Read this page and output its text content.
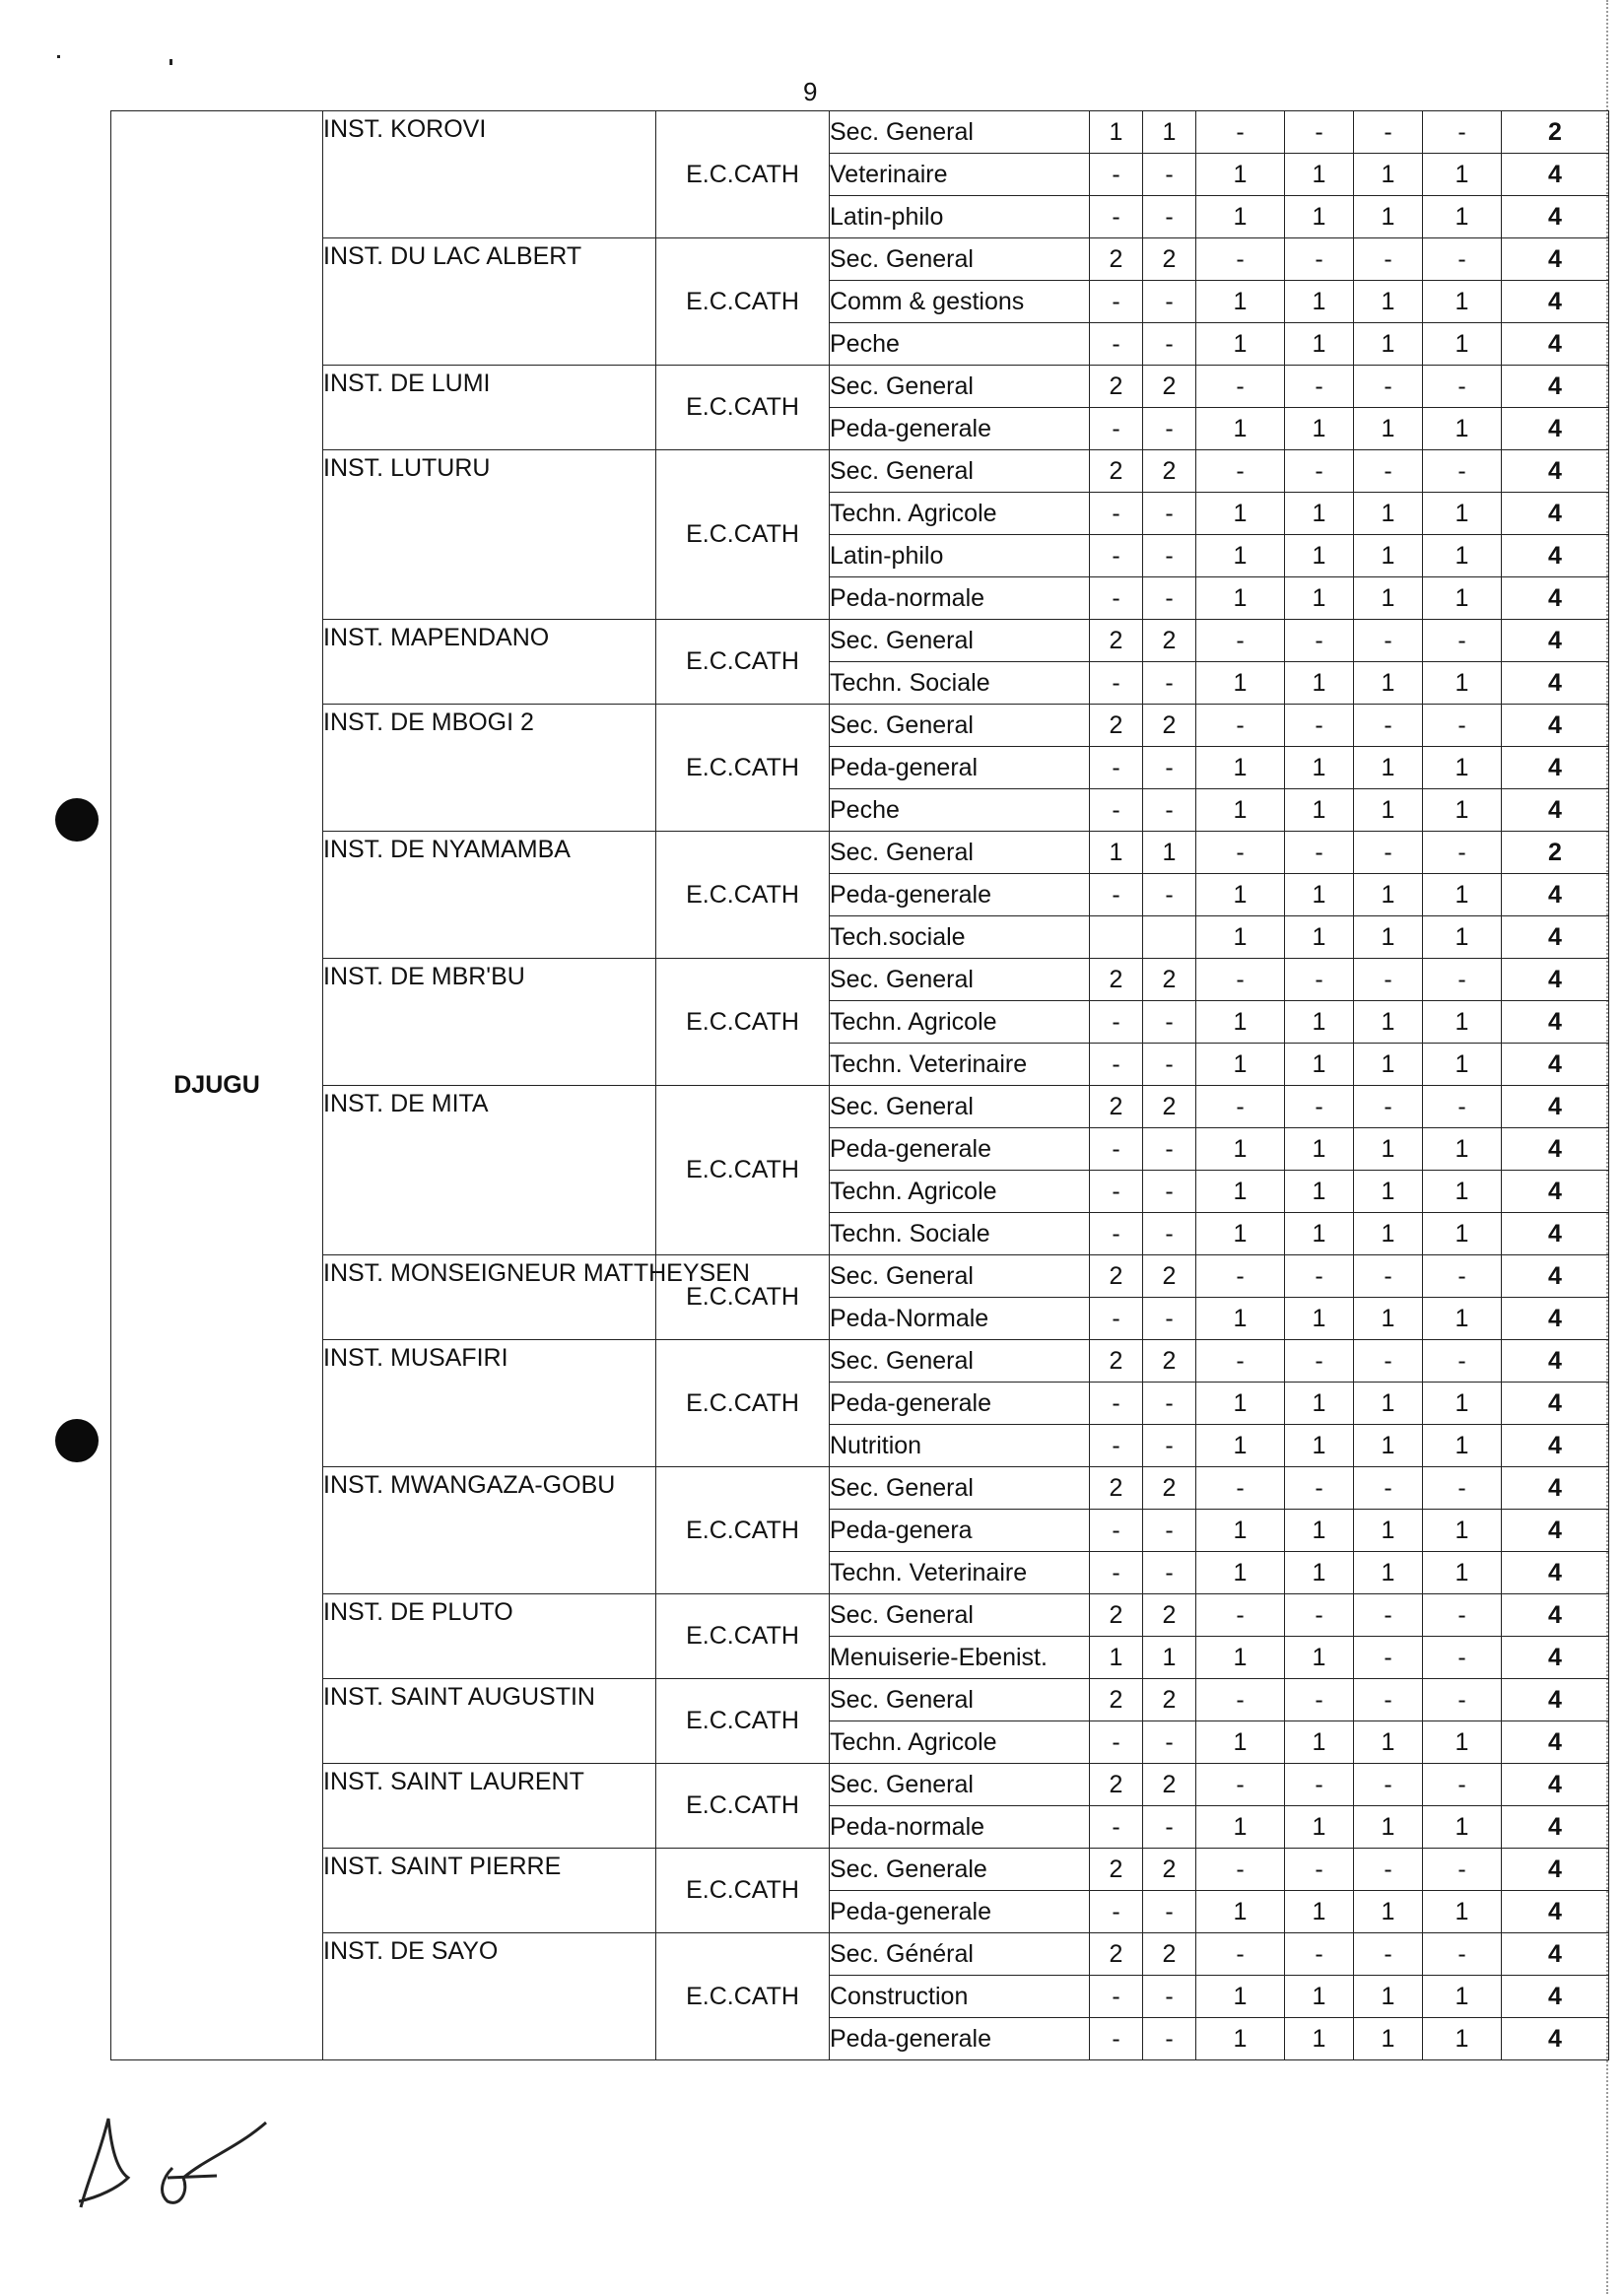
9
DJUGU	INST. KOROVI	E.C.CATH	Sec. General	1	1	-	-	-	-	2
			Veterinaire	-	-	1	1	1	1	4
			Latin-philo	-	-	1	1	1	1	4
	INST. DU LAC ALBERT	E.C.CATH	Sec. General	2	2	-	-	-	-	4
			Comm & gestions	-	-	1	1	1	1	4
			Peche	-	-	1	1	1	1	4
	INST. DE LUMI	E.C.CATH	Sec. General	2	2	-	-	-	-	4
			Peda-generale	-	-	1	1	1	1	4
	INST. LUTURU	E.C.CATH	Sec. General	2	2	-	-	-	-	4
			Techn. Agricole	-	-	1	1	1	1	4
			Latin-philo	-	-	1	1	1	1	4
			Peda-normale	-	-	1	1	1	1	4
	INST. MAPENDANO	E.C.CATH	Sec. General	2	2	-	-	-	-	4
			Techn. Sociale	-	-	1	1	1	1	4
	INST. DE MBOGI 2	E.C.CATH	Sec. General	2	2	-	-	-	-	4
			Peda-general	-	-	1	1	1	1	4
			Peche	-	-	1	1	1	1	4
	INST. DE NYAMAMBA	E.C.CATH	Sec. General	1	1	-	-	-	-	2
			Peda-generale	-	-	1	1	1	1	4
			Tech.sociale			1	1	1	1	4
	INST. DE MBR'BU	E.C.CATH	Sec. General	2	2	-	-	-	-	4
			Techn. Agricole	-	-	1	1	1	1	4
			Techn. Veterinaire	-	-	1	1	1	1	4
	INST. DE MITA	E.C.CATH	Sec. General	2	2	-	-	-	-	4
			Peda-generale	-	-	1	1	1	1	4
			Techn. Agricole	-	-	1	1	1	1	4
			Techn. Sociale	-	-	1	1	1	1	4
	INST. MONSEIGNEUR MATTHEYSEN	E.C.CATH	Sec. General	2	2	-	-	-	-	4
			Peda-Normale	-	-	1	1	1	1	4
	INST. MUSAFIRI	E.C.CATH	Sec. General	2	2	-	-	-	-	4
			Peda-generale	-	-	1	1	1	1	4
			Nutrition	-	-	1	1	1	1	4
	INST. MWANGAZA-GOBU	E.C.CATH	Sec. General	2	2	-	-	-	-	4
			Peda-genera	-	-	1	1	1	1	4
			Techn. Veterinaire	-	-	1	1	1	1	4
	INST. DE PLUTO	E.C.CATH	Sec. General	2	2	-	-	-	-	4
			Menuiserie-Ebenist.	1	1	1	1	-	-	4
	INST. SAINT AUGUSTIN	E.C.CATH	Sec. General	2	2	-	-	-	-	4
			Techn. Agricole	-	-	1	1	1	1	4
	INST. SAINT LAURENT	E.C.CATH	Sec. General	2	2	-	-	-	-	4
			Peda-normale	-	-	1	1	1	1	4
	INST. SAINT PIERRE	E.C.CATH	Sec. Generale	2	2	-	-	-	-	4
			Peda-generale	-	-	1	1	1	1	4
	INST. DE SAYO	E.C.CATH	Sec. Général	2	2	-	-	-	-	4
			Construction	-	-	1	1	1	1	4
			Peda-generale	-	-	1	1	1	1	4
